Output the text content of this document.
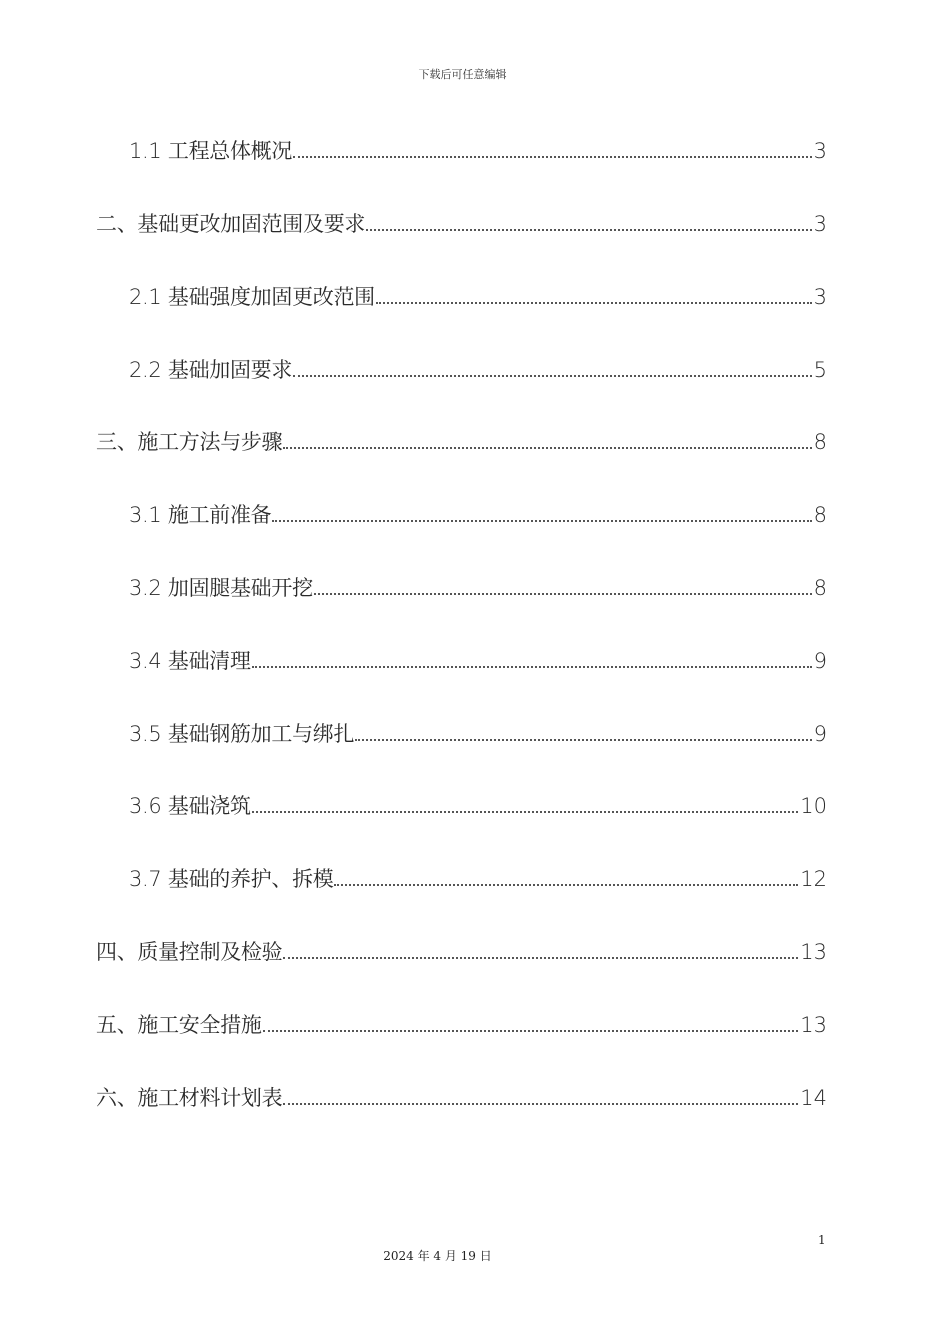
下载后可任意编辑
1.1 工程总体概况	3
二、基础更改加固范围及要求	3
2.1 基础强度加固更改范围	3
2.2 基础加固要求	5
三、施工方法与步骤	8
3.1 施工前准备	8
3.2 加固腿基础开挖	8
3.4 基础清理	9
3.5 基础钢筋加工与绑扎	9
3.6 基础浇筑	10
3.7 基础的养护、拆模	12
四、质量控制及检验	13
五、施工安全措施	13
六、施工材料计划表	14
1
2024 年 4 月 19 日
